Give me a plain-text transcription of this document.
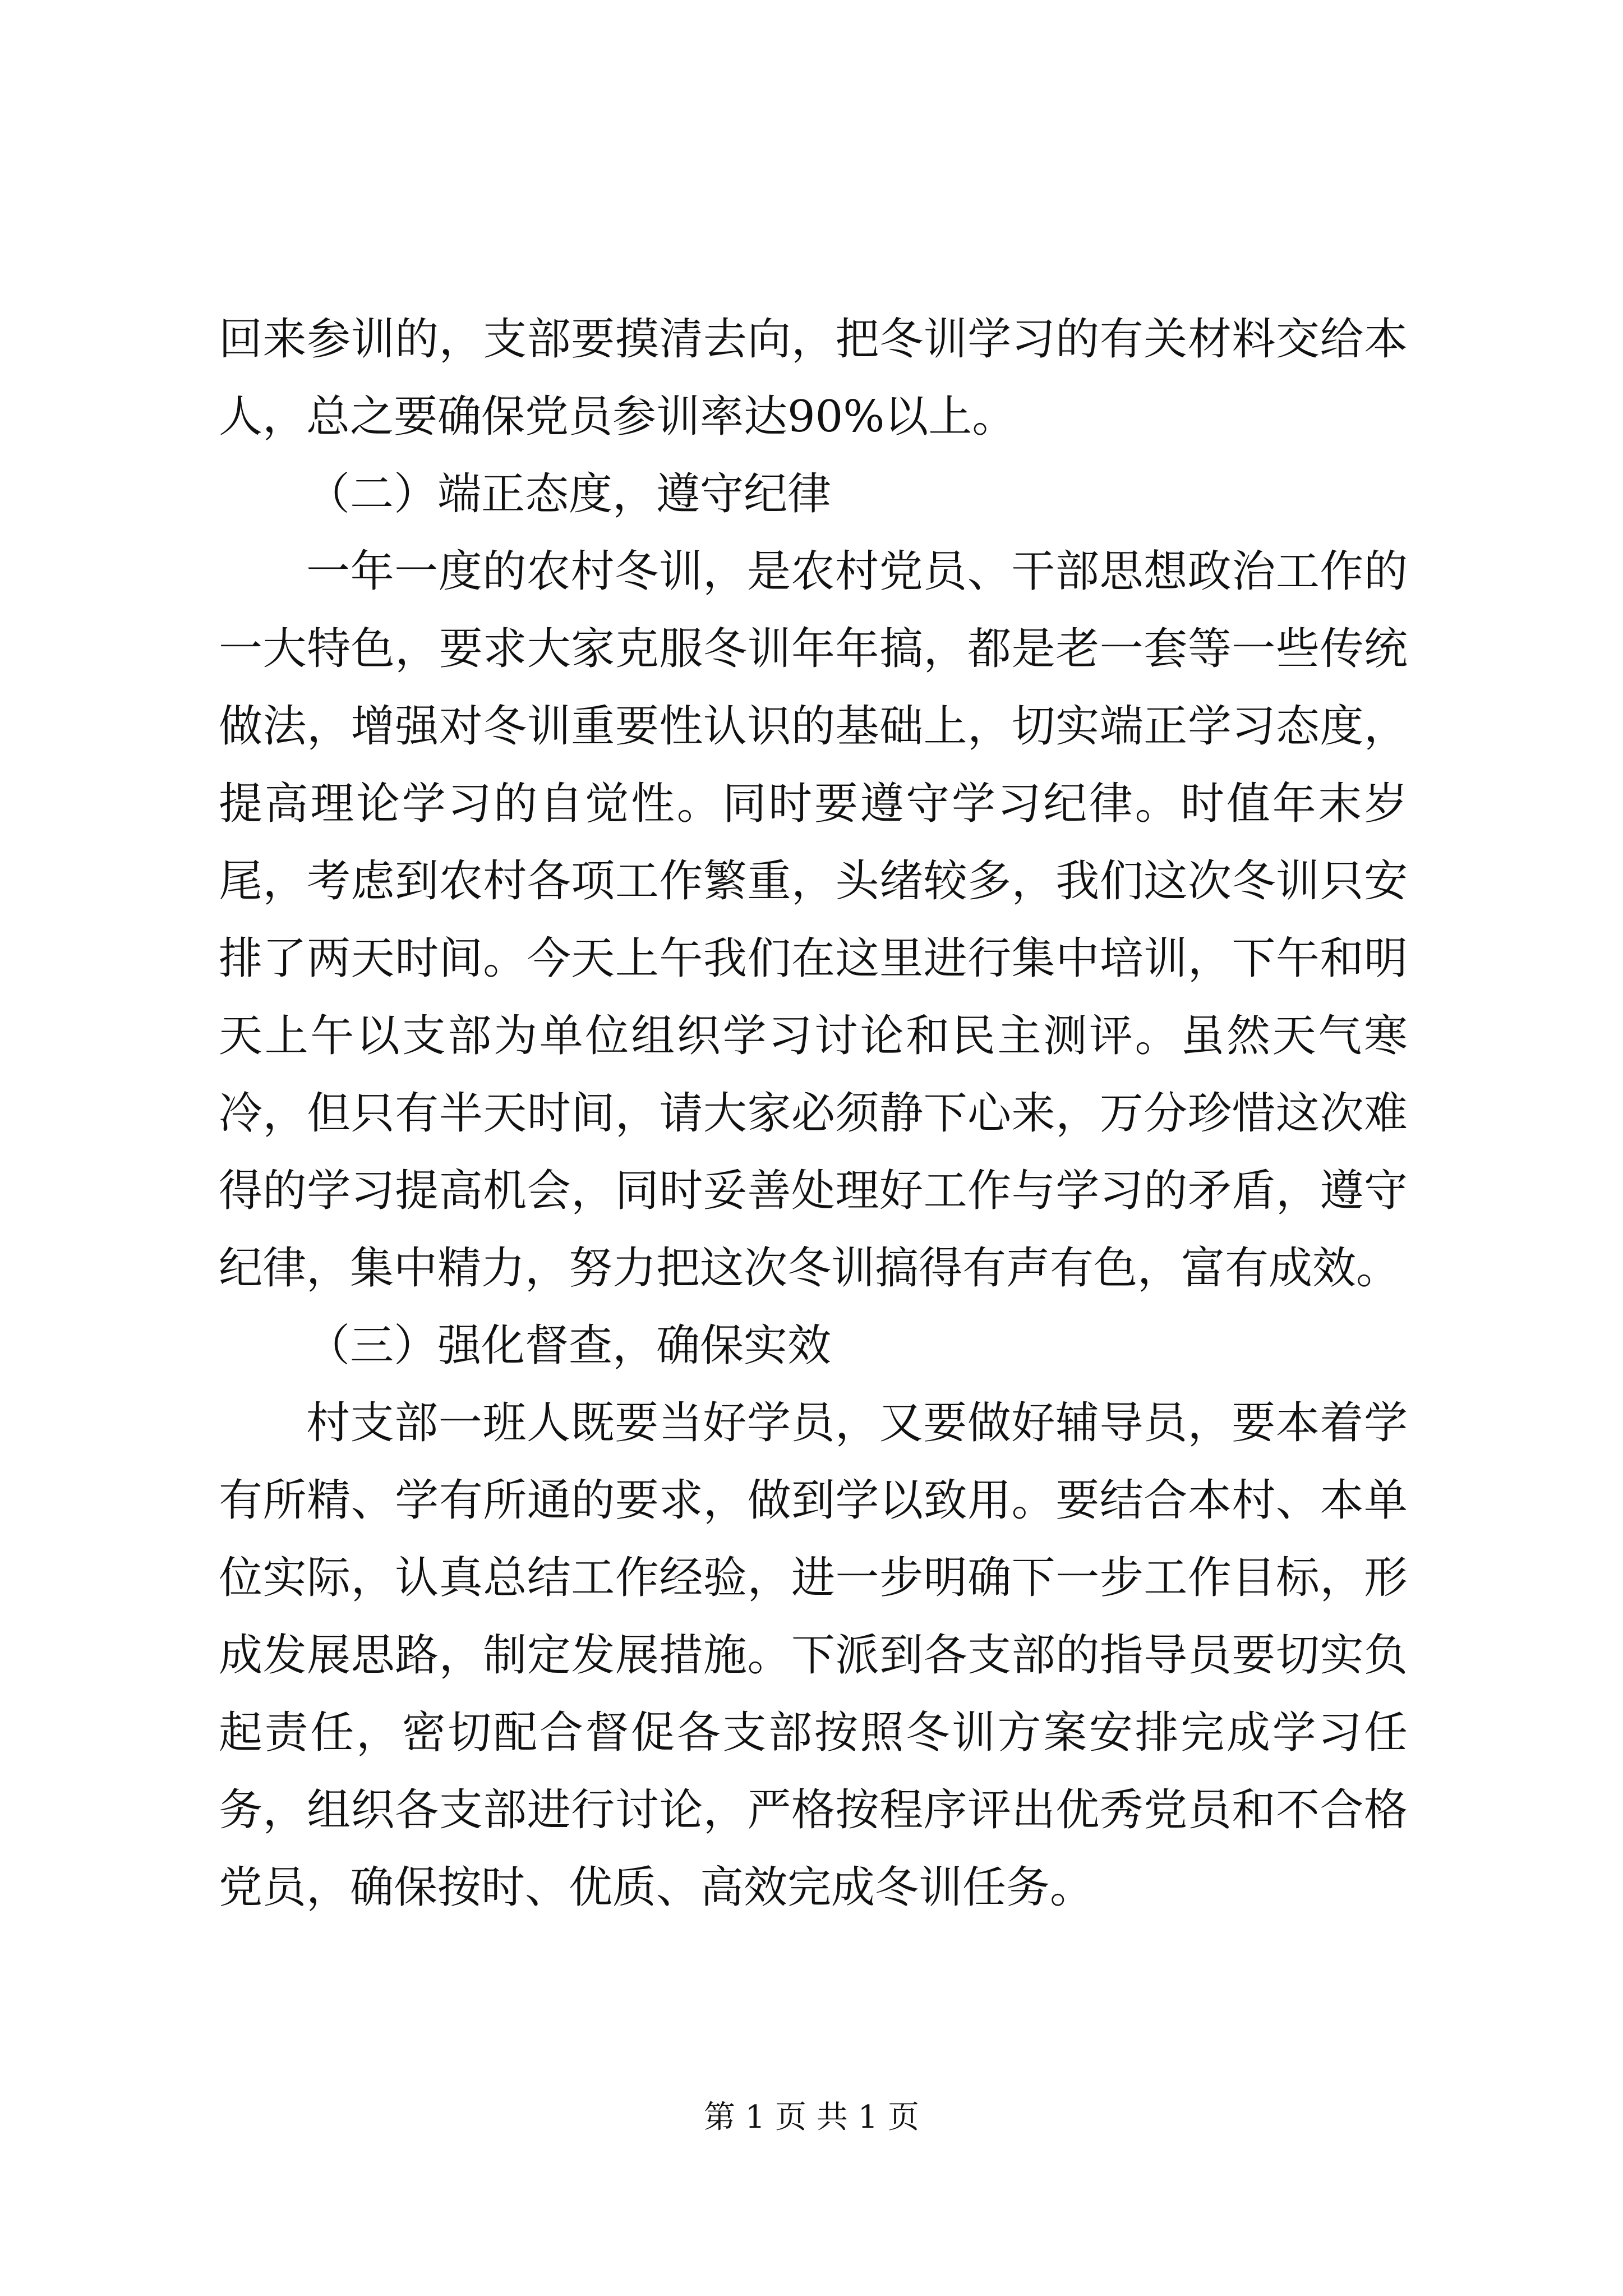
回来参训的，支部要摸清去向，把冬训学习的有关材料交给本人，总之要确保党员参训率达90%以上。

（二）端正态度，遵守纪律

一年一度的农村冬训，是农村党员、干部思想政治工作的一大特色，要求大家克服冬训年年搞，都是老一套等一些传统做法，增强对冬训重要性认识的基础上，切实端正学习态度，提高理论学习的自觉性。同时要遵守学习纪律。时值年末岁尾，考虑到农村各项工作繁重，头绪较多，我们这次冬训只安排了两天时间。今天上午我们在这里进行集中培训，下午和明天上午以支部为单位组织学习讨论和民主测评。虽然天气寒冷，但只有半天时间，请大家必须静下心来，万分珍惜这次难得的学习提高机会，同时妥善处理好工作与学习的矛盾，遵守纪律，集中精力，努力把这次冬训搞得有声有色，富有成效。

（三）强化督查，确保实效

村支部一班人既要当好学员，又要做好辅导员，要本着学有所精、学有所通的要求，做到学以致用。要结合本村、本单位实际，认真总结工作经验，进一步明确下一步工作目标，形成发展思路，制定发展措施。下派到各支部的指导员要切实负起责任，密切配合督促各支部按照冬训方案安排完成学习任务，组织各支部进行讨论，严格按程序评出优秀党员和不合格党员，确保按时、优质、高效完成冬训任务。

第 1 页 共 1 页
